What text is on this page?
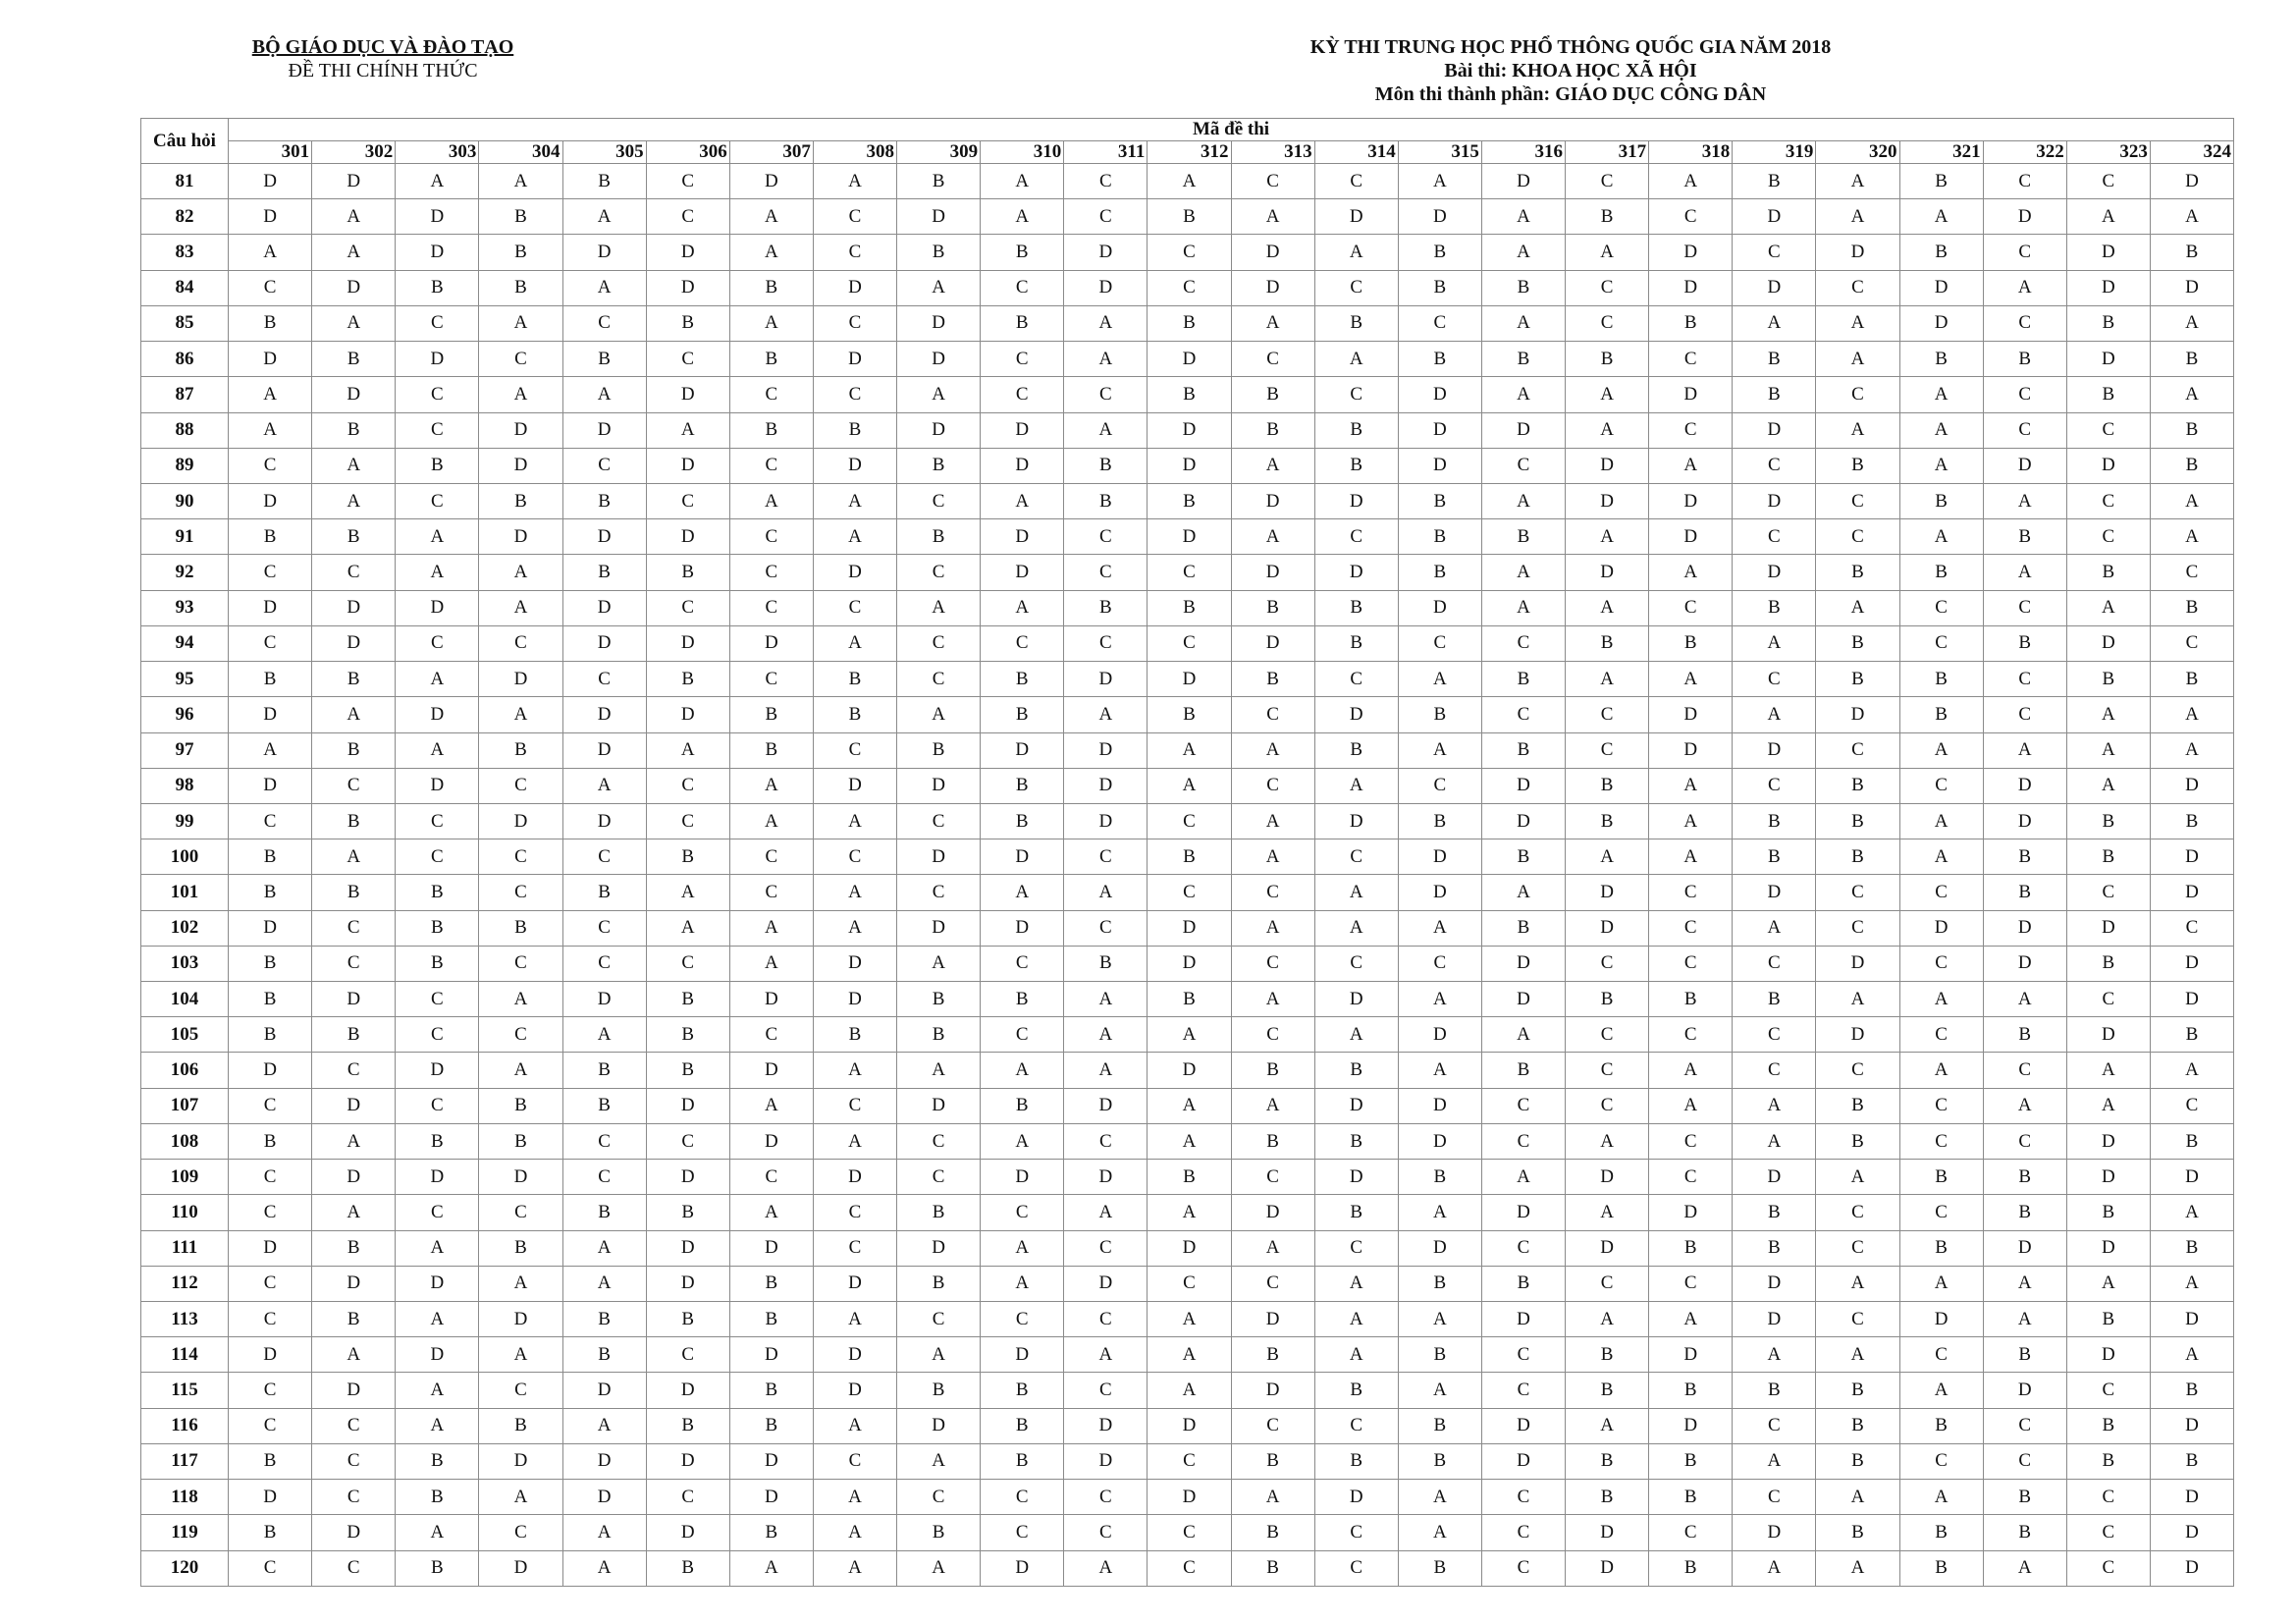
BỘ GIÁO DỤC VÀ ĐÀO TẠO
ĐỀ THI CHÍNH THỨC
KỲ THI TRUNG HỌC PHỔ THÔNG QUỐC GIA NĂM 2018
Bài thi: KHOA HỌC XÃ HỘI
Môn thi thành phần: GIÁO DỤC CÔNG DÂN
Câu hỏi	Mã đề thi																							
	301	302	303	304	305	306	307	308	309	310	311	312	313	314	315	316	317	318	319	320	321	322	323	324
81	D	D	A	A	B	C	D	A	B	A	C	A	C	C	A	D	C	A	B	A	B	C	C	D
82	D	A	D	B	A	C	A	C	D	A	C	B	A	D	D	A	B	C	D	A	A	D	A	A
83	A	A	D	B	D	D	A	C	B	B	D	C	D	A	B	A	A	D	C	D	B	C	D	B
84	C	D	B	B	A	D	B	D	A	C	D	C	D	C	B	B	C	D	D	C	D	A	D	D
85	B	A	C	A	C	B	A	C	D	B	A	B	A	B	C	A	C	B	A	A	D	C	B	A
86	D	B	D	C	B	C	B	D	D	C	A	D	C	A	B	B	B	C	B	A	B	B	D	B
87	A	D	C	A	A	D	C	C	A	C	C	B	B	C	D	A	A	D	B	C	A	C	B	A
88	A	B	C	D	D	A	B	B	D	D	A	D	B	B	D	D	A	C	D	A	A	C	C	B
89	C	A	B	D	C	D	C	D	B	D	B	D	A	B	D	C	D	A	C	B	A	D	D	B
90	D	A	C	B	B	C	A	A	C	A	B	B	D	D	B	A	D	D	D	C	B	A	C	A
91	B	B	A	D	D	D	C	A	B	D	C	D	A	C	B	B	A	D	C	C	A	B	C	A
92	C	C	A	A	B	B	C	D	C	D	C	C	D	D	B	A	D	A	D	B	B	A	B	C
93	D	D	D	A	D	C	C	C	A	A	B	B	B	B	D	A	A	C	B	A	C	C	A	B
94	C	D	C	C	D	D	D	A	C	C	C	C	D	B	C	C	B	B	A	B	C	B	D	C
95	B	B	A	D	C	B	C	B	C	B	D	D	B	C	A	B	A	A	C	B	B	C	B	B
96	D	A	D	A	D	D	B	B	A	B	A	B	C	D	B	C	C	D	A	D	B	C	A	A
97	A	B	A	B	D	A	B	C	B	D	D	A	A	B	A	B	C	D	D	C	A	A	A	A
98	D	C	D	C	A	C	A	D	D	B	D	A	C	A	C	D	B	A	C	B	C	D	A	D
99	C	B	C	D	D	C	A	A	C	B	D	C	A	D	B	D	B	A	B	B	A	D	B	B
100	B	A	C	C	C	B	C	C	D	D	C	B	A	C	D	B	A	A	B	B	A	B	B	D
101	B	B	B	C	B	A	C	A	C	A	A	C	C	A	D	A	D	C	D	C	C	B	C	D
102	D	C	B	B	C	A	A	A	D	D	C	D	A	A	A	B	D	C	A	C	D	D	D	C
103	B	C	B	C	C	C	A	D	A	C	B	D	C	C	C	D	C	C	C	D	C	D	B	D
104	B	D	C	A	D	B	D	D	B	B	A	B	A	D	A	D	B	B	B	A	A	A	C	D
105	B	B	C	C	A	B	C	B	B	C	A	A	C	A	D	A	C	C	C	D	C	B	D	B
106	D	C	D	A	B	B	D	A	A	A	A	D	B	B	A	B	C	A	C	C	A	C	A	A
107	C	D	C	B	B	D	A	C	D	B	D	A	A	D	D	C	C	A	A	B	C	A	A	C
108	B	A	B	B	C	C	D	A	C	A	C	A	B	B	D	C	A	C	A	B	C	C	D	B
109	C	D	D	D	C	D	C	D	C	D	D	B	C	D	B	A	D	C	D	A	B	B	D	D
110	C	A	C	C	B	B	A	C	B	C	A	A	D	B	A	D	A	D	B	C	C	B	B	A
111	D	B	A	B	A	D	D	C	D	A	C	D	A	C	D	C	D	B	B	C	B	D	D	B
112	C	D	D	A	A	D	B	D	B	A	D	C	C	A	B	B	C	C	D	A	A	A	A	A
113	C	B	A	D	B	B	B	A	C	C	C	A	D	A	A	D	A	A	D	C	D	A	B	D
114	D	A	D	A	B	C	D	D	A	D	A	A	B	A	B	C	B	D	A	A	C	B	D	A
115	C	D	A	C	D	D	B	D	B	B	C	A	D	B	A	C	B	B	B	B	A	D	C	B
116	C	C	A	B	A	B	B	A	D	B	D	D	C	C	B	D	A	D	C	B	B	C	B	D
117	B	C	B	D	D	D	D	C	A	B	D	C	B	B	B	D	B	B	A	B	C	C	B	B
118	D	C	B	A	D	C	D	A	C	C	C	D	A	D	A	C	B	B	C	A	A	B	C	D
119	B	D	A	C	A	D	B	A	B	C	C	C	B	C	A	C	D	C	D	B	B	B	C	D
120	C	C	B	D	A	B	A	A	A	D	A	C	B	C	B	C	D	B	A	A	B	A	C	D
